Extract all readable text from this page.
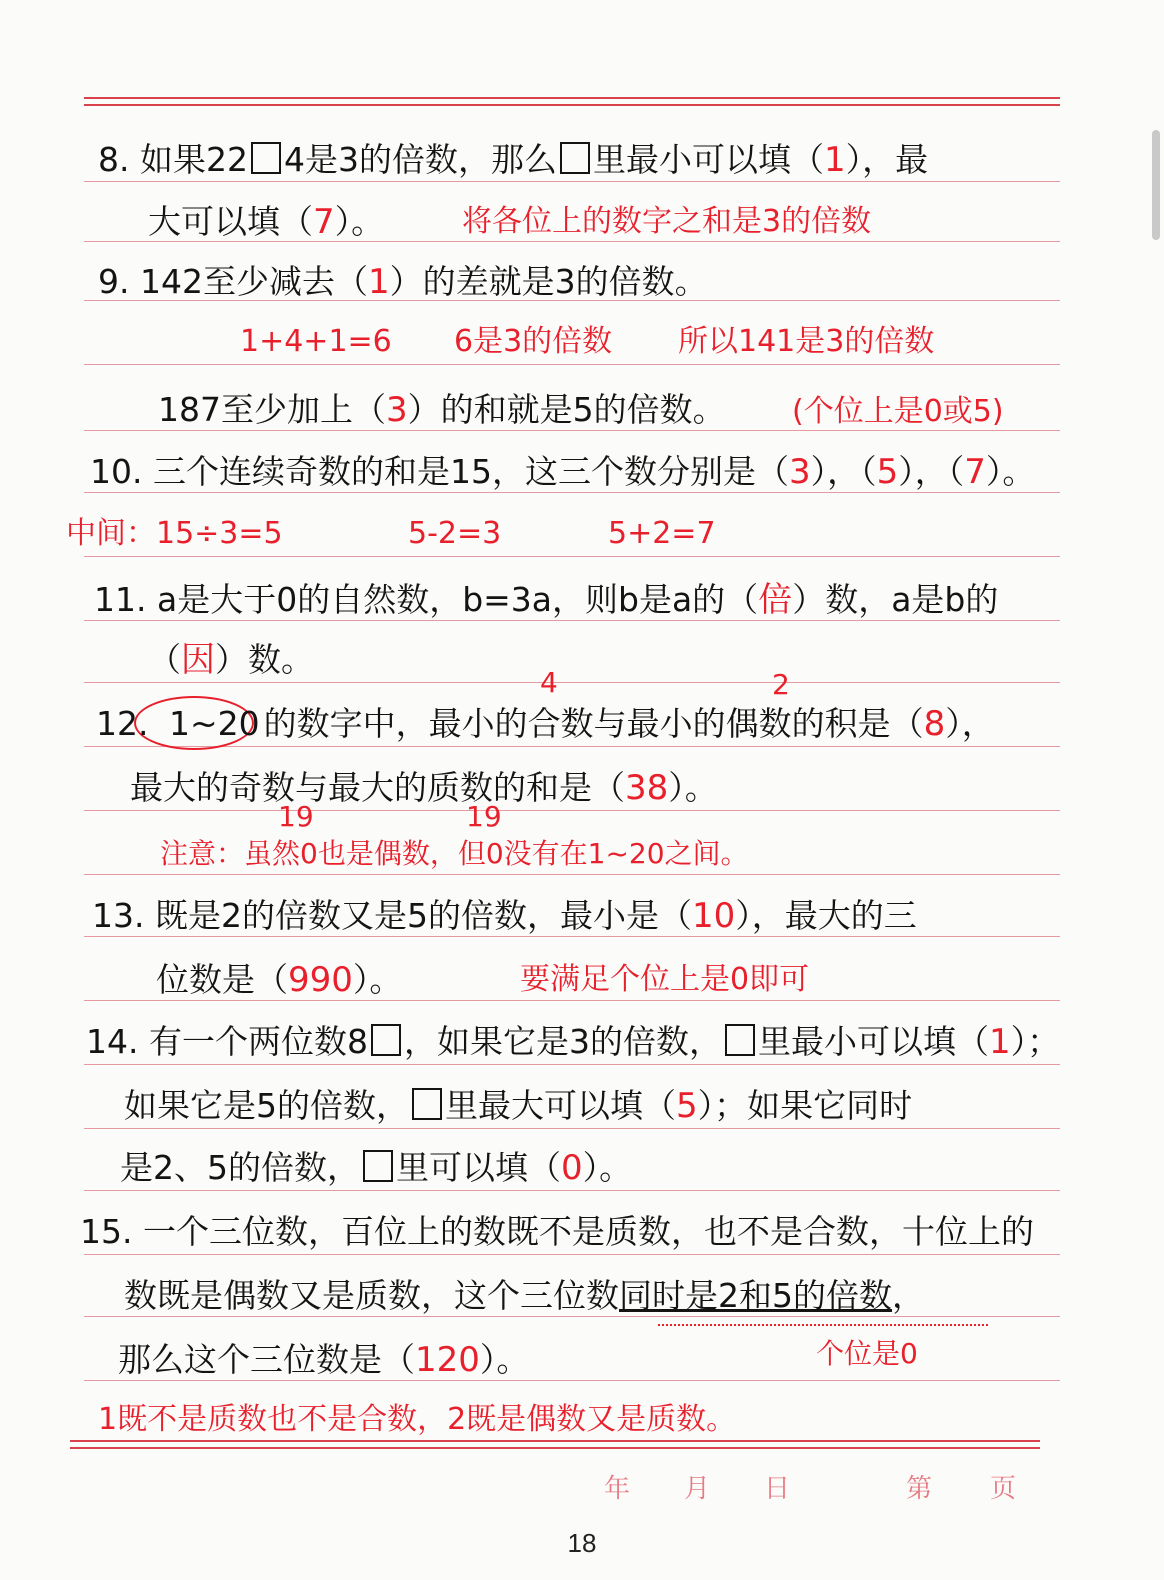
8. 如果22 4是3的倍数，那么 里最小可以填（1），最
大可以填（7）。	将各位上的数字之和是3的倍数
9. 142至少减去（1）的差就是3的倍数。
1+4+1=6 6是3的倍数 所以141是3的倍数
187至少加上（3）的和就是5的倍数。 (个位上是0或5)
10. 三个连续奇数的和是15，这三个数分别是（3），（5），（7）。
中间：15÷3=5	5-2=3	5+2=7
11. a是大于0的自然数，b=3a，则b是a的（倍）数，a是b的
（因）数。
4	2
12. 1~20 的数字中，最小的合数与最小的偶数的积是（8），
最大的奇数与最大的质数的和是（38）。
19	19
注意：虽然0也是偶数，但0没有在1~20之间。
13. 既是2的倍数又是5的倍数，最小是（10），最大的三
位数是（990）。	要满足个位上是0即可
14. 有一个两位数8 ，如果它是3的倍数， 里最小可以填（1）；
如果它是5的倍数， 里最大可以填（5）；如果它同时
是2、5的倍数， 里可以填（0）。
15. 一个三位数，百位上的数既不是质数，也不是合数，十位上的
数既是偶数又是质数，这个三位数同时是2和5的倍数，
那么这个三位数是（120）。	个位是0
1既不是质数也不是合数，2既是偶数又是质数。
年 月 日	第 页
18
